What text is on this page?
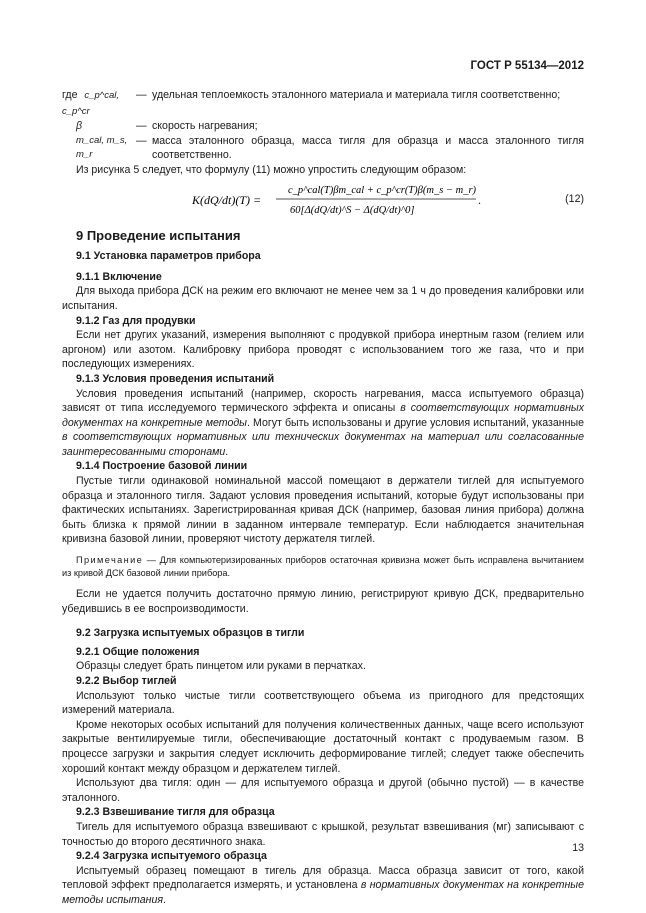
ГОСТ Р 55134—2012
где c_p^cal, c_p^cr
— удельная теплоемкость эталонного материала и материала тигля соответственно;
β	— скорость нагревания;
m_cal, m_s, m_r
— масса эталонного образца, масса тигля для образца и масса эталонного тигля соответственно.

Из рисунка 5 следует, что формулу (11) можно упростить следующим образом:

K(dQ/dt)(T) =
c_p^cal(T)βm_cal + c_p^cr(T)β(m_s − m_r)
60[Δ(dQ/dt)^S − Δ(dQ/dt)^0]
.	(12)
9 Проведение испытания
9.1 Установка параметров прибора
9.1.1 Включение

Для выхода прибора ДСК на режим его включают не менее чем за 1 ч до проведения калибровки или испытания.

9.1.2 Газ для продувки

Если нет других указаний, измерения выполняют с продувкой прибора инертным газом (гелием или аргоном) или азотом. Калибровку прибора проводят с использованием того же газа, что и при последующих измерениях.

9.1.3 Условия проведения испытаний

Условия проведения испытаний (например, скорость нагревания, масса испытуемого образца) зависят от типа исследуемого термического эффекта и описаны в соответствующих нормативных документах на конкретные методы. Могут быть использованы и другие условия испытаний, указанные в соответствующих нормативных или технических документах на материал или согласованные заинтересованными сторонами.

9.1.4 Построение базовой линии

Пустые тигли одинаковой номинальной массой помещают в держатели тиглей для испытуемого образца и эталонного тигля. Задают условия проведения испытаний, которые будут использованы при фактических испытаниях. Зарегистрированная кривая ДСК (например, базовая линия прибора) должна быть близка к прямой линии в заданном интервале температур. Если наблюдается значительная кривизна базовой линии, проверяют чистоту держателя тиглей.

Примечание — Для компьютеризированных приборов остаточная кривизна может быть исправлена вычитанием из кривой ДСК базовой линии прибора.

Если не удается получить достаточно прямую линию, регистрируют кривую ДСК, предварительно убедившись в ее воспроизводимости.

9.2 Загрузка испытуемых образцов в тигли
9.2.1 Общие положения

Образцы следует брать пинцетом или руками в перчатках.

9.2.2 Выбор тиглей

Используют только чистые тигли соответствующего объема из пригодного для предстоящих измерений материала.

Кроме некоторых особых испытаний для получения количественных данных, чаще всего используют закрытые вентилируемые тигли, обеспечивающие достаточный контакт с продуваемым газом. В процессе загрузки и закрытия следует исключить деформирование тиглей; следует также обеспечить хороший контакт между образцом и держателем тиглей.

Используют два тигля: один — для испытуемого образца и другой (обычно пустой) — в качестве эталонного.

9.2.3 Взвешивание тигля для образца

Тигель для испытуемого образца взвешивают с крышкой, результат взвешивания (мг) записывают с точностью до второго десятичного знака.

9.2.4 Загрузка испытуемого образца

Испытуемый образец помещают в тигель для образца. Масса образца зависит от того, какой тепловой эффект предполагается измерять, и установлена в нормативных документах на конкретные методы испытания.

13
